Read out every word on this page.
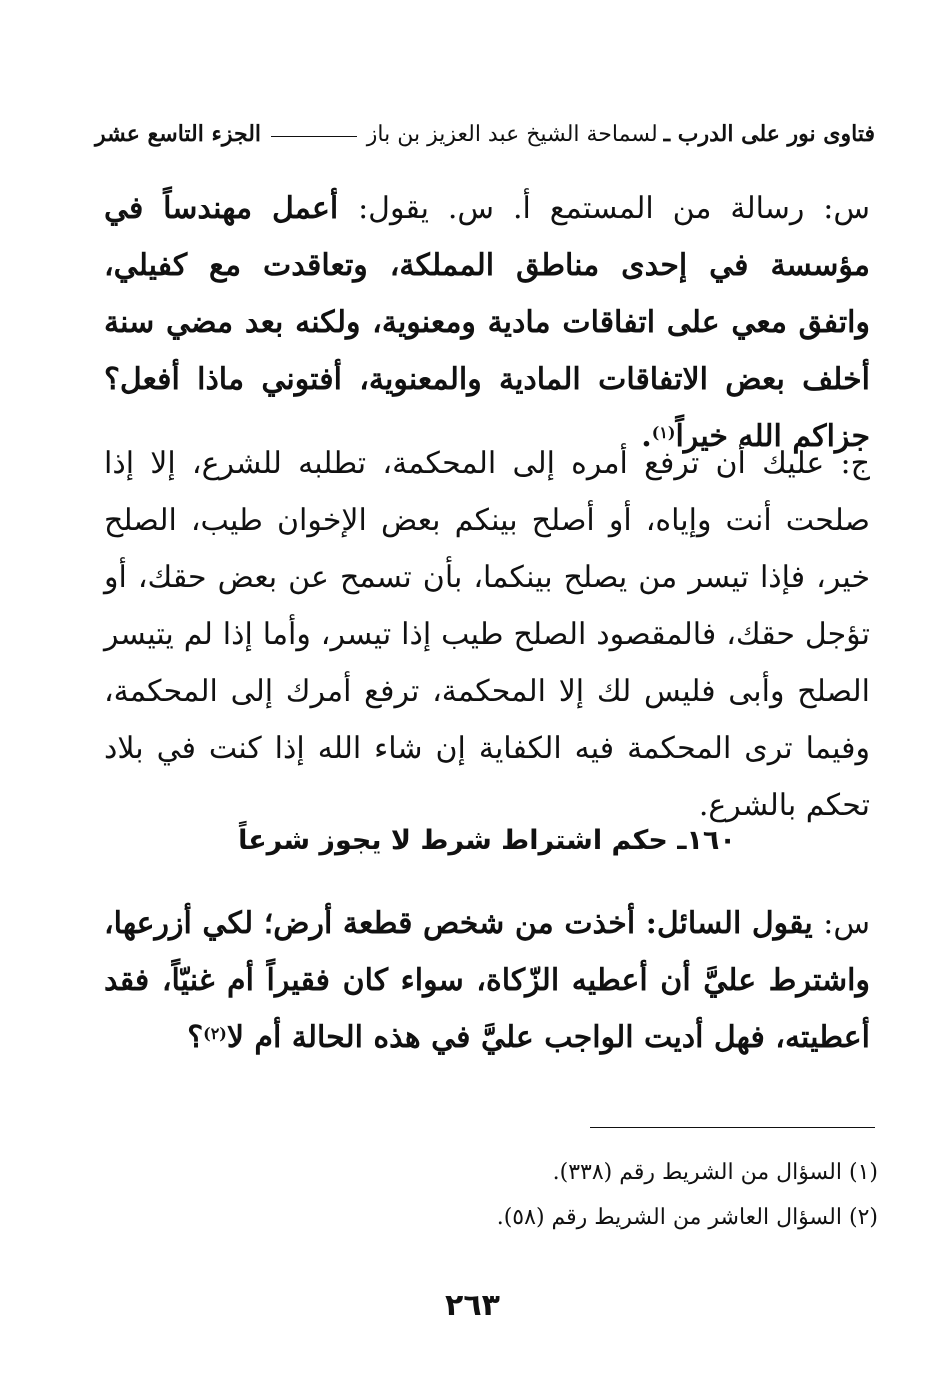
فتاوى نور على الدرب ـ
لسماحة الشيخ عبد العزيز بن باز
الجزء التاسع عشر
س: رسالة من المستمع أ. س. يقول: أعمل مهندساً في مؤسسة في إحدى مناطق المملكة، وتعاقدت مع كفيلي، واتفق معي على اتفاقات مادية ومعنوية، ولكنه بعد مضي سنة أخلف بعض الاتفاقات المادية والمعنوية، أفتوني ماذا أفعل؟ جزاكم الله خيراً$^{(١)}$.
ج: عليك أن ترفع أمره إلى المحكمة، تطلبه للشرع، إلا إذا صلحت أنت وإياه، أو أصلح بينكم بعض الإخوان طيب، الصلح خير، فإذا تيسر من يصلح بينكما، بأن تسمح عن بعض حقك، أو تؤجل حقك، فالمقصود الصلح طيب إذا تيسر، وأما إذا لم يتيسر الصلح وأبى فليس لك إلا المحكمة، ترفع أمرك إلى المحكمة، وفيما ترى المحكمة فيه الكفاية إن شاء الله إذا كنت في بلاد تحكم بالشرع.
١٦٠ـ حكم اشتراط شرط لا يجوز شرعاً
س: يقول السائل: أخذت من شخص قطعة أرض؛ لكي أزرعها، واشترط عليَّ أن أعطيه الزّكاة، سواء كان فقيراً أم غنيّاً، فقد أعطيته، فهل أديت الواجب عليَّ في هذه الحالة أم لا$^{(٢)}$؟
(١) السؤال من الشريط رقم (٣٣٨).
(٢) السؤال العاشر من الشريط رقم (٥٨).
٢٦٣
